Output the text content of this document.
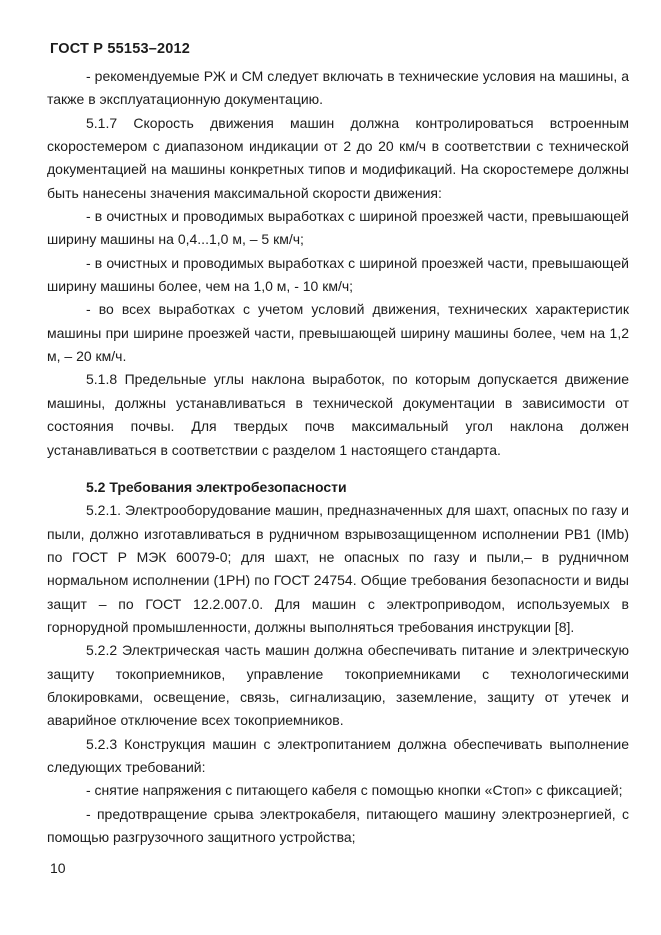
ГОСТ Р 55153–2012

- рекомендуемые РЖ и СМ следует включать в технические условия на машины, а также в эксплуатационную документацию.

5.1.7 Скорость движения машин должна контролироваться встроенным скоростемером с диапазоном индикации от 2 до 20 км/ч в соответствии с технической документацией на машины конкретных типов и модификаций. На скоростемере должны быть нанесены значения максимальной скорости движения:

- в очистных и проводимых выработках с шириной проезжей части, превышающей ширину машины на 0,4...1,0 м, – 5 км/ч;

- в очистных и проводимых выработках с шириной проезжей части, превышающей ширину машины более, чем на 1,0 м, - 10 км/ч;

- во всех выработках с учетом условий движения, технических характеристик машины при ширине проезжей части, превышающей ширину машины более, чем на 1,2 м, – 20 км/ч.

5.1.8 Предельные углы наклона выработок, по которым допускается движение машины, должны устанавливаться в технической документации в зависимости от состояния почвы. Для твердых почв максимальный угол наклона должен устанавливаться в соответствии с разделом 1 настоящего стандарта.

5.2 Требования электробезопасности

5.2.1. Электрооборудование машин, предназначенных для шахт, опасных по газу и пыли, должно изготавливаться в рудничном взрывозащищенном исполнении РВ1 (IMb) по ГОСТ Р МЭК 60079-0; для шахт, не опасных по газу и пыли,– в рудничном нормальном исполнении (1РН) по ГОСТ 24754. Общие требования безопасности и виды защит – по ГОСТ 12.2.007.0. Для машин с электроприводом, используемых в горнорудной промышленности, должны выполняться требования инструкции [8].

5.2.2 Электрическая часть машин должна обеспечивать питание и электрическую защиту токоприемников, управление токоприемниками с технологическими блокировками, освещение, связь, сигнализацию, заземление, защиту от утечек и аварийное отключение всех токоприемников.

5.2.3 Конструкция машин с электропитанием должна обеспечивать выполнение следующих требований:

- снятие напряжения с питающего кабеля с помощью кнопки «Стоп» с фиксацией;

- предотвращение срыва электрокабеля, питающего машину электроэнергией, с помощью разгрузочного защитного устройства;

10
